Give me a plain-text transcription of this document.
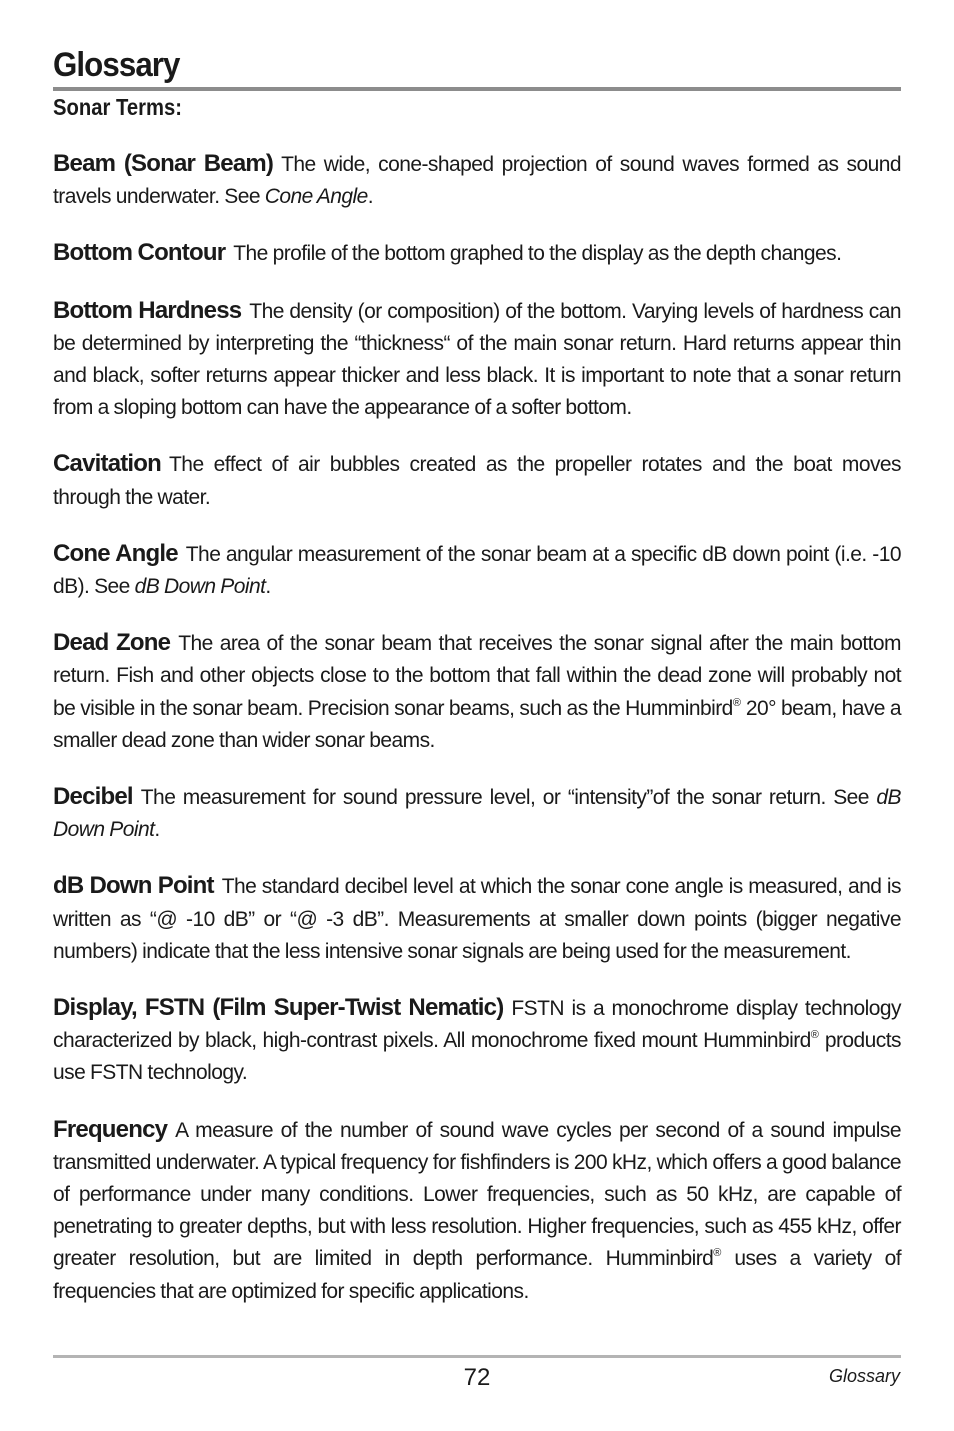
Glossary
Sonar Terms:

Beam (Sonar Beam) The wide, cone-shaped projection of sound waves formed as sound travels underwater. See Cone Angle.

Bottom Contour The profile of the bottom graphed to the display as the depth changes.

Bottom Hardness The density (or composition) of the bottom. Varying levels of hardness can be determined by interpreting the “thickness“ of the main sonar return. Hard returns appear thin and black, softer returns appear thicker and less black. It is important to note that a sonar return from a sloping bottom can have the appearance of a softer bottom.

Cavitation The effect of air bubbles created as the propeller rotates and the boat moves through the water.

Cone Angle The angular measurement of the sonar beam at a specific dB down point (i.e. -10 dB). See dB Down Point.

Dead Zone The area of the sonar beam that receives the sonar signal after the main bottom return. Fish and other objects close to the bottom that fall within the dead zone will probably not be visible in the sonar beam. Precision sonar beams, such as the Humminbird® 20° beam, have a smaller dead zone than wider sonar beams.

Decibel The measurement for sound pressure level, or “intensity”of the sonar return. See dB Down Point.

dB Down Point The standard decibel level at which the sonar cone angle is measured, and is written as “@ -10 dB” or “@ -3 dB”. Measurements at smaller down points (bigger negative numbers) indicate that the less intensive sonar signals are being used for the measurement.

Display, FSTN (Film Super-Twist Nematic) FSTN is a monochrome display technology characterized by black, high-contrast pixels. All monochrome fixed mount Humminbird® products use FSTN technology.

Frequency A measure of the number of sound wave cycles per second of a sound impulse transmitted underwater. A typical frequency for fishfinders is 200 kHz, which offers a good balance of performance under many conditions. Lower frequencies, such as 50 kHz, are capable of penetrating to greater depths, but with less resolution. Higher frequencies, such as 455 kHz, offer greater resolution, but are limited in depth performance. Humminbird® uses a variety of frequencies that are optimized for specific applications.

72	Glossary
